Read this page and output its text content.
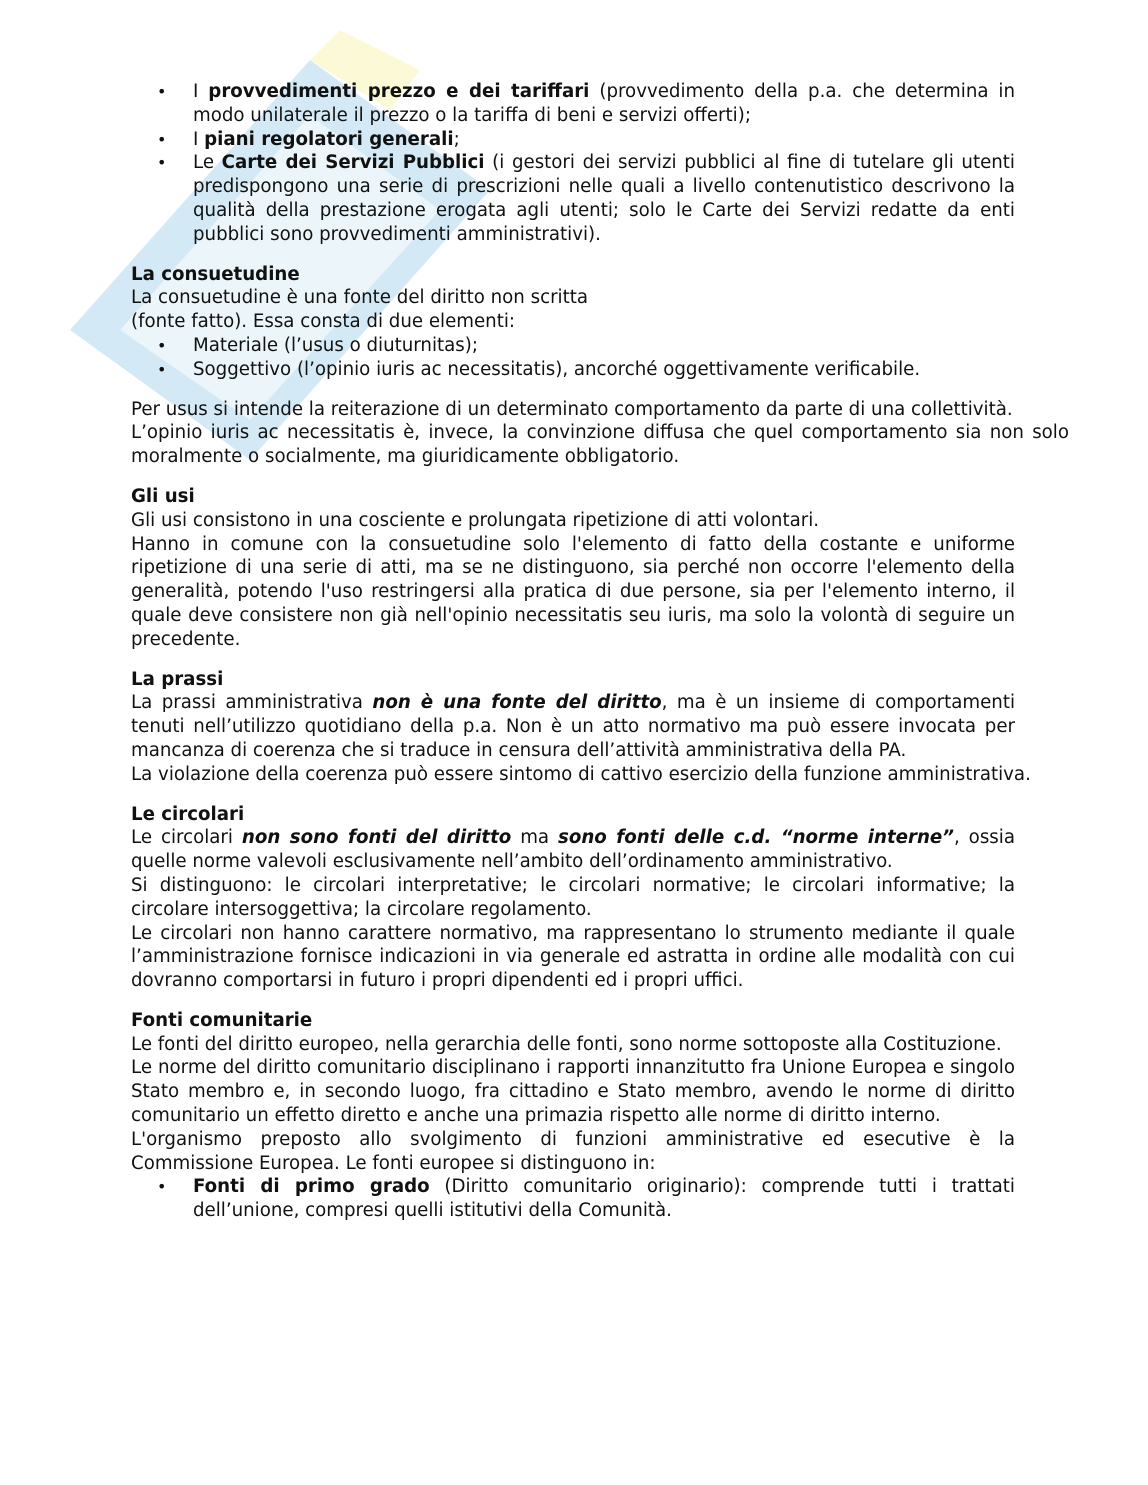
• I provvedimenti prezzo e dei tariffari (provvedimento della p.a. che determina in modo unilaterale il prezzo o la tariffa di beni e servizi offerti);
• I piani regolatori generali;
• Le Carte dei Servizi Pubblici (i gestori dei servizi pubblici al fine di tutelare gli utenti predispongono una serie di prescrizioni nelle quali a livello contenutistico descrivono la qualità della prestazione erogata agli utenti; solo le Carte dei Servizi redatte da enti pubblici sono provvedimenti amministrativi).
La consuetudine

La consuetudine è una fonte del diritto non scritta

(fonte fatto). Essa consta di due elementi:

• Materiale (l’usus o diuturnitas);
• Soggettivo (l’opinio iuris ac necessitatis), ancorché oggettivamente verificabile.

Per usus si intende la reiterazione di un determinato comportamento da parte di una collettività.

L’opinio iuris ac necessitatis è, invece, la convinzione diffusa che quel comportamento sia non solo moralmente o socialmente, ma giuridicamente obbligatorio.

Gli usi

Gli usi consistono in una cosciente e prolungata ripetizione di atti volontari.

Hanno in comune con la consuetudine solo l'elemento di fatto della costante e uniforme ripetizione di una serie di atti, ma se ne distinguono, sia perché non occorre l'elemento della generalità, potendo l'uso restringersi alla pratica di due persone, sia per l'elemento interno, il quale deve consistere non già nell'opinio necessitatis seu iuris, ma solo la volontà di seguire un precedente.

La prassi

La prassi amministrativa non è una fonte del diritto, ma è un insieme di comportamenti tenuti nell’utilizzo quotidiano della p.a. Non è un atto normativo ma può essere invocata per mancanza di coerenza che si traduce in censura dell’attività amministrativa della PA.

La violazione della coerenza può essere sintomo di cattivo esercizio della funzione amministrativa.

Le circolari

Le circolari non sono fonti del diritto ma sono fonti delle c.d. “norme interne”, ossia quelle norme valevoli esclusivamente nell’ambito dell’ordinamento amministrativo.

Si distinguono: le circolari interpretative; le circolari normative; le circolari informative; la circolare intersoggettiva; la circolare regolamento.

Le circolari non hanno carattere normativo, ma rappresentano lo strumento mediante il quale l’amministrazione fornisce indicazioni in via generale ed astratta in ordine alle modalità con cui dovranno comportarsi in futuro i propri dipendenti ed i propri uffici.

Fonti comunitarie

Le fonti del diritto europeo, nella gerarchia delle fonti, sono norme sottoposte alla Costituzione.

Le norme del diritto comunitario disciplinano i rapporti innanzitutto fra Unione Europea e singolo Stato membro e, in secondo luogo, fra cittadino e Stato membro, avendo le norme di diritto comunitario un effetto diretto e anche una primazia rispetto alle norme di diritto interno.

L'organismo preposto allo svolgimento di funzioni amministrative ed esecutive è la Commissione Europea. Le fonti europee si distinguono in:

• Fonti di primo grado (Diritto comunitario originario): comprende tutti i trattati dell’unione, compresi quelli istitutivi della Comunità.
